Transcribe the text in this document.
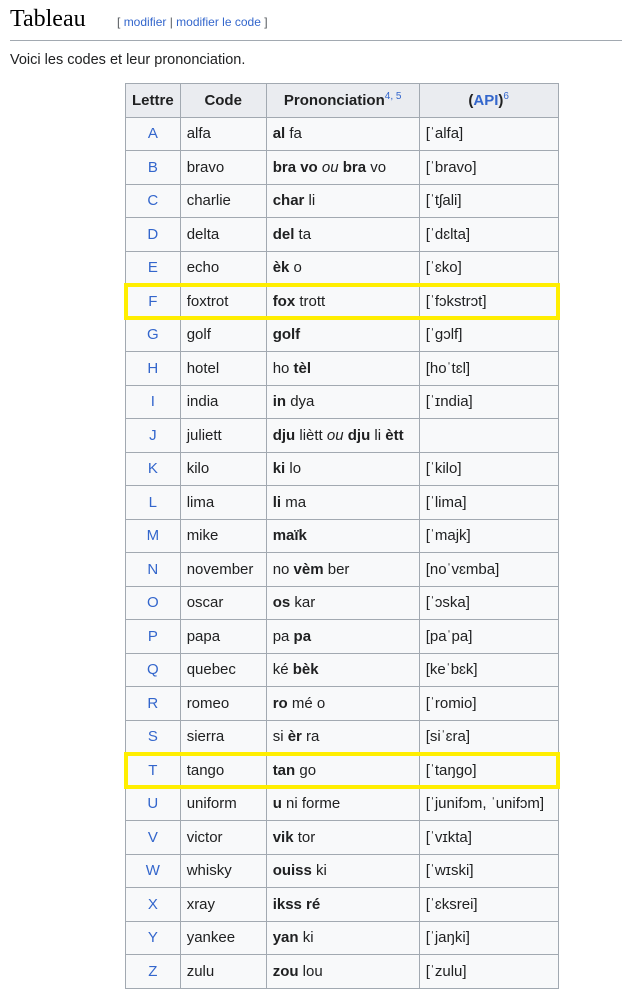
Tableau	[ modifier | modifier le code ]
Voici les codes et leur prononciation.
Lettre	Code	Prononciation$^{4, 5}$	(API)$^6$
A	alfa	al fa	[ˈalfa]
B	bravo	bra vo ou bra vo	[ˈbravo]
C	charlie	char li	[ˈtʃali]
D	delta	del ta	[ˈdɛlta]
E	echo	èk o	[ˈɛko]
F	foxtrot	fox trott	[ˈfɔkstrɔt]
G	golf	golf	[ˈgɔlf]
H	hotel	ho tèl	[hoˈtɛl]
I	india	in dya	[ˈɪndia]
J	juliett	dju liètt ou dju li ètt	
K	kilo	ki lo	[ˈkilo]
L	lima	li ma	[ˈlima]
M	mike	maïk	[ˈmajk]
N	november	no vèm ber	[noˈvɛmba]
O	oscar	os kar	[ˈɔska]
P	papa	pa pa	[paˈpa]
Q	quebec	ké bèk	[keˈbɛk]
R	romeo	ro mé o	[ˈromio]
S	sierra	si èr ra	[siˈɛra]
T	tango	tan go	[ˈtaŋgo]
U	uniform	u ni forme	[ˈjunifɔm, ˈunifɔm]
V	victor	vik tor	[ˈvɪkta]
W	whisky	ouiss ki	[ˈwɪski]
X	xray	ikss ré	[ˈɛksrei]
Y	yankee	yan ki	[ˈjaŋki]
Z	zulu	zou lou	[ˈzulu]
